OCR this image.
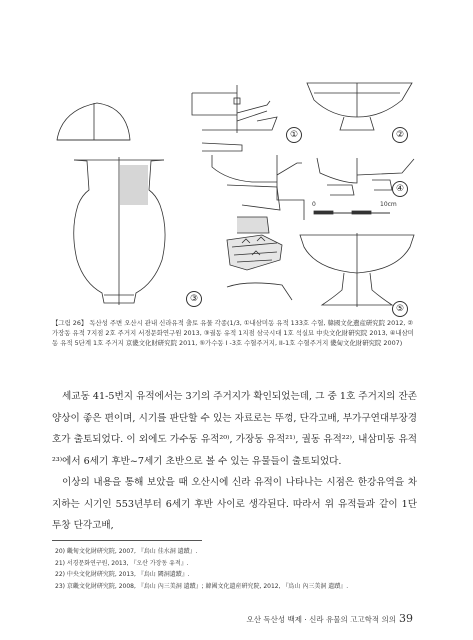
①	②
③
④
⑤
0	10cm
【그림 26】 독산성 주변 오산시 관내 신라유적 출토 유물 각종(1/3, ①내삼미동 유적 133호 수혈, 韓國文化遺産硏究院 2012, ②가장동 유적 7지점 2호 주거지 서경문화연구원 2013, ③궐동 유적 1지점 삼국시대 1호 석실묘 中央文化財硏究院 2013, ④내삼미동 유적 5단계 1호 주거지 京畿文化財硏究院 2011, ⑤가수동 I -3호 수혈주거지, II-1호 수혈주거지 畿甸文化財硏究院 2007)

세교동 41-5번지 유적에서는 3기의 주거지가 확인되었는데, 그 중 1호 주거지의 잔존양상이 좋은 편이며, 시기를 판단할 수 있는 자료로는 뚜껑, 단각고배, 부가구연대부장경호가 출토되었다. 이 외에도 가수동 유적²⁰⁾, 가장동 유적²¹⁾, 궐동 유적²²⁾, 내삼미동 유적²³⁾에서 6세기 후반~7세기 초반으로 볼 수 있는 유물들이 출토되었다.

이상의 내용을 통해 보았을 때 오산시에 신라 유적이 나타나는 시점은 한강유역을 차지하는 시기인 553년부터 6세기 후반 사이로 생각된다. 따라서 위 유적들과 같이 1단 투창 단각고배,

20) 畿甸文化財硏究院, 2007, 『烏山 佳水洞 遺蹟』.
21) 서경문화연구원, 2013, 『오산 가장동 유적』.
22) 中央文化財硏究院, 2013, 『烏山 闕洞遺蹟』.
23) 京畿文化財硏究院, 2008, 『烏山 內三美洞 遺蹟』; 韓國文化遺産硏究院, 2012, 『烏山 內三美洞 遺蹟』.
오산 독산성 백제 · 신라 유물의 고고학적 의의 39
